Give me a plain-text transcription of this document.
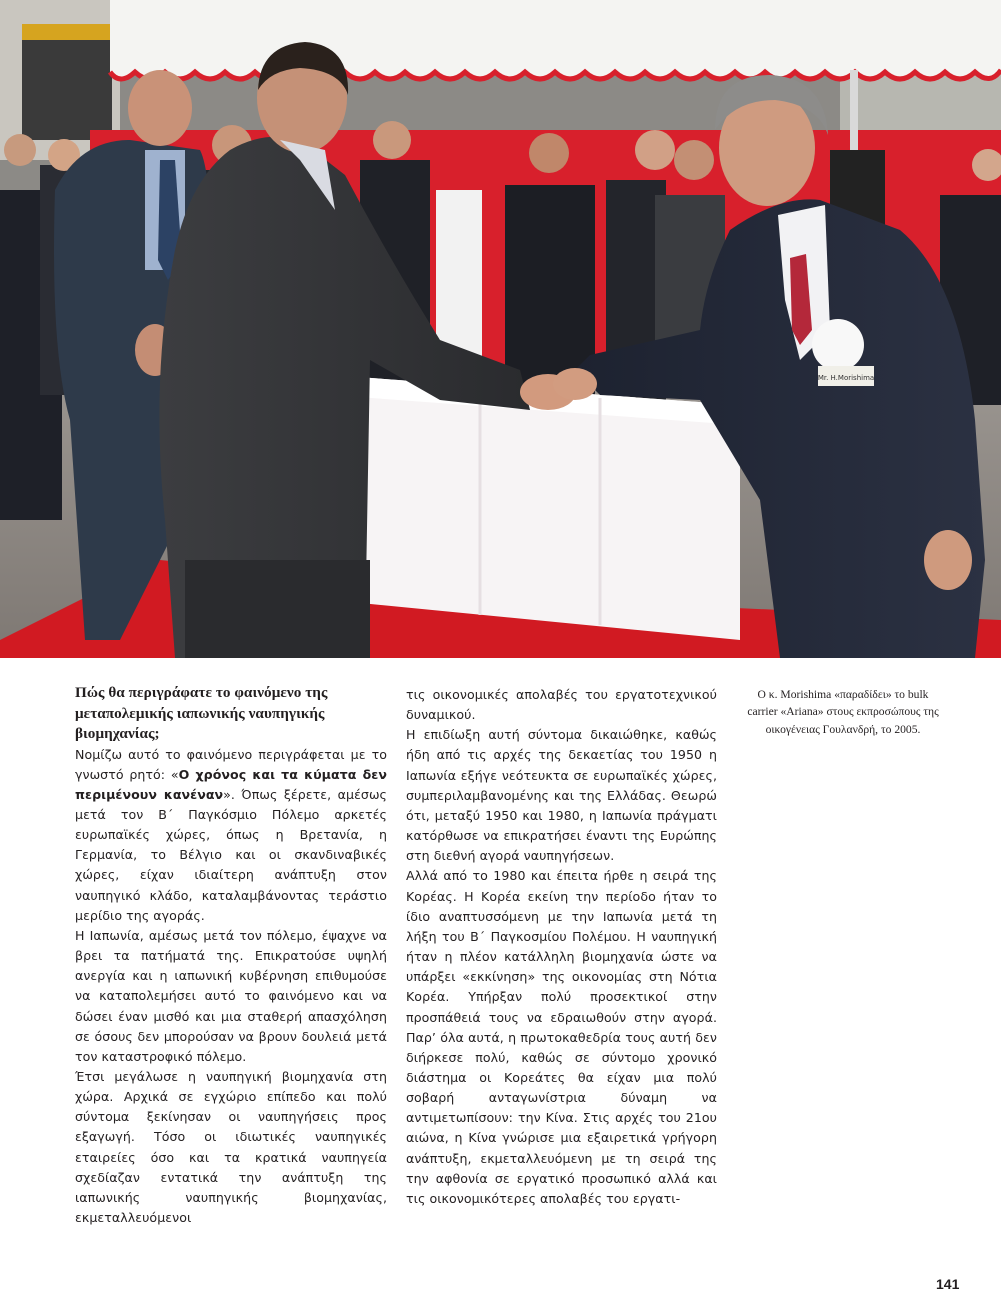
Mr. H.Morishima

Πώς θα περιγράφατε το φαινόμενο της μεταπολεμικής ιαπωνικής ναυπηγικής βιομηχανίας;

Νομίζω αυτό το φαινόμενο περιγράφεται με το γνωστό ρητό: «Ο χρόνος και τα κύματα δεν περιμένουν κανέναν». Όπως ξέρετε, αμέσως μετά τον Β΄ Παγκόσμιο Πόλεμο αρκετές ευρωπαϊκές χώρες, όπως η Βρετανία, η Γερμανία, το Βέλγιο και οι σκανδιναβικές χώρες, είχαν ιδιαίτερη ανάπτυξη στον ναυπηγικό κλάδο, καταλαμβάνοντας τεράστιο μερίδιο της αγοράς.

Η Ιαπωνία, αμέσως μετά τον πόλεμο, έψαχνε να βρει τα πατήματά της. Επικρατούσε υψηλή ανεργία και η ιαπωνική κυβέρνηση επιθυμούσε να καταπολεμήσει αυτό το φαινόμενο και να δώσει έναν μισθό και μια σταθερή απασχόληση σε όσους δεν μπορούσαν να βρουν δουλειά μετά τον καταστροφικό πόλεμο.

Έτσι μεγάλωσε η ναυπηγική βιομηχανία στη χώρα. Αρχικά σε εγχώριο επίπεδο και πολύ σύντομα ξεκίνησαν οι ναυπηγήσεις προς εξαγωγή. Τόσο οι ιδιωτικές ναυπηγικές εταιρείες όσο και τα κρατικά ναυπηγεία σχεδίαζαν εντατικά την ανάπτυξη της ιαπωνικής ναυπηγικής βιομηχανίας, εκμεταλλευόμενοι

τις οικονομικές απολαβές του εργατοτεχνικού δυναμικού.

Η επιδίωξη αυτή σύντομα δικαιώθηκε, καθώς ήδη από τις αρχές της δεκαετίας του 1950 η Ιαπωνία εξήγε νεότευκτα σε ευρωπαϊκές χώρες, συμπεριλαμβανομένης και της Ελλάδας. Θεωρώ ότι, μεταξύ 1950 και 1980, η Ιαπωνία πράγματι κατόρθωσε να επικρατήσει έναντι της Ευρώπης στη διεθνή αγορά ναυπηγήσεων.

Αλλά από το 1980 και έπειτα ήρθε η σειρά της Κορέας. Η Κορέα εκείνη την περίοδο ήταν το ίδιο αναπτυσσόμενη με την Ιαπωνία μετά τη λήξη του Β΄ Παγκοσμίου Πολέμου. Η ναυπηγική ήταν η πλέον κατάλληλη βιομηχανία ώστε να υπάρξει «εκκίνηση» της οικονομίας στη Νότια Κορέα. Υπήρξαν πολύ προσεκτικοί στην προσπάθειά τους να εδραιωθούν στην αγορά. Παρ’ όλα αυτά, η πρωτοκαθεδρία τους αυτή δεν διήρκεσε πολύ, καθώς σε σύντομο χρονικό διάστημα οι Κορεάτες θα είχαν μια πολύ σοβαρή ανταγωνίστρια δύναμη να αντιμετωπίσουν: την Κίνα. Στις αρχές του 21ου αιώνα, η Κίνα γνώρισε μια εξαιρετικά γρήγορη ανάπτυξη, εκμεταλλευόμενη με τη σειρά της την αφθονία σε εργατικό προσωπικό αλλά και τις οικονομικότερες απολαβές του εργατι-

Ο κ. Morishima «παραδίδει» το bulk carrier «Ariana» στους εκπροσώπους της οικογένειας Γουλανδρή, το 2005.
141
